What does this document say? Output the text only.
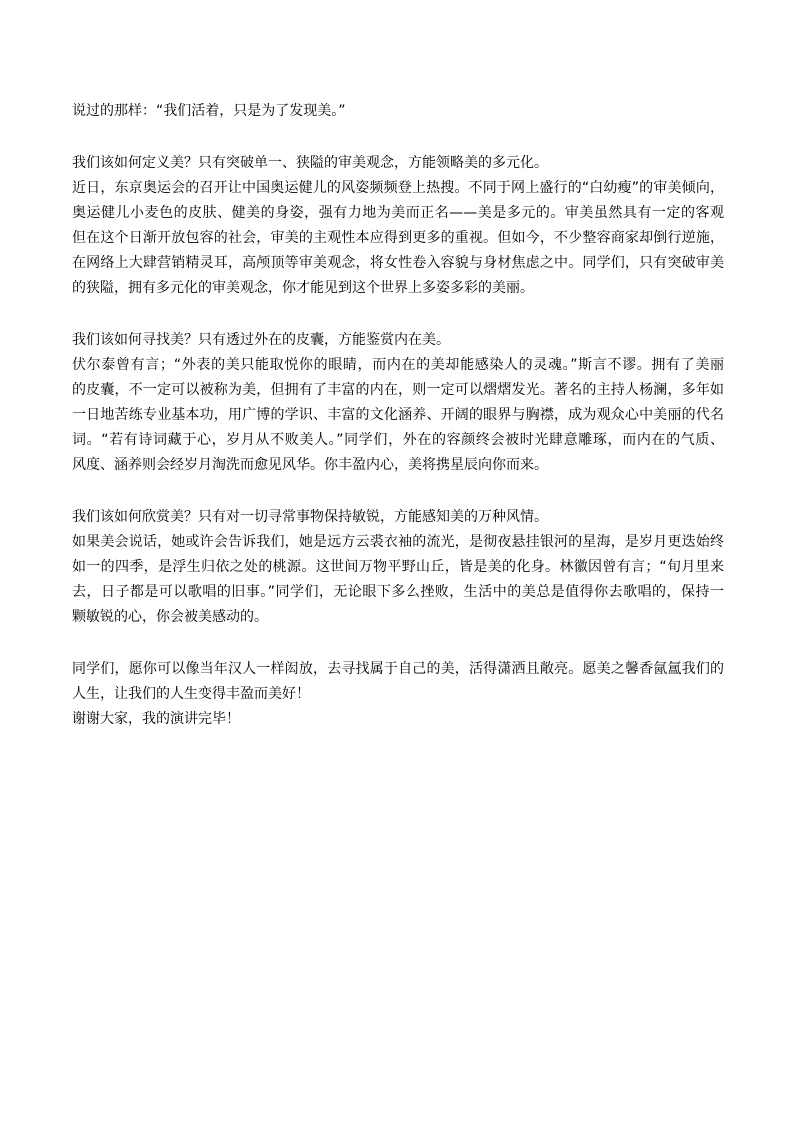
说过的那样：“我们活着，只是为了发现美。”
我们该如何定义美？只有突破单一、狭隘的审美观念，方能领略美的多元化。
近日，东京奥运会的召开让中国奥运健儿的风姿频频登上热搜。不同于网上盛行的“白幼瘦”的审美倾向，
奥运健儿小麦色的皮肤、健美的身姿，强有力地为美而正名——美是多元的。审美虽然具有一定的客观
但在这个日渐开放包容的社会，审美的主观性本应得到更多的重视。但如今，不少整容商家却倒行逆施，
在网络上大肆营销精灵耳，高颅顶等审美观念，将女性卷入容貌与身材焦虑之中。同学们，只有突破审美
的狭隘，拥有多元化的审美观念，你才能见到这个世界上多姿多彩的美丽。
我们该如何寻找美？只有透过外在的皮囊，方能鉴赏内在美。
伏尔泰曾有言；“外表的美只能取悦你的眼睛，而内在的美却能感染人的灵魂。”斯言不谬。拥有了美丽
的皮囊，不一定可以被称为美，但拥有了丰富的内在，则一定可以熠熠发光。著名的主持人杨澜，多年如
一日地苦练专业基本功，用广博的学识、丰富的文化涵养、开阔的眼界与胸襟，成为观众心中美丽的代名
词。“若有诗词藏于心，岁月从不败美人。”同学们，外在的容颜终会被时光肆意雕琢，而内在的气质、
风度、涵养则会经岁月淘洗而愈见风华。你丰盈内心，美将携星辰向你而来。
我们该如何欣赏美？只有对一切寻常事物保持敏锐，方能感知美的万种风情。
如果美会说话，她或许会告诉我们，她是远方云裘衣袖的流光，是彻夜悬挂银河的星海，是岁月更迭始终
如一的四季，是浮生归依之处的桃源。这世间万物平野山丘，皆是美的化身。林徽因曾有言；“旬月里来
去，日子都是可以歌唱的旧事。”同学们，无论眼下多么挫败，生活中的美总是值得你去歌唱的，保持一
颗敏锐的心，你会被美感动的。
同学们，愿你可以像当年汉人一样闳放，去寻找属于自己的美，活得潇洒且敞亮。愿美之馨香氤氲我们的
人生，让我们的人生变得丰盈而美好！
谢谢大家，我的演讲完毕！
